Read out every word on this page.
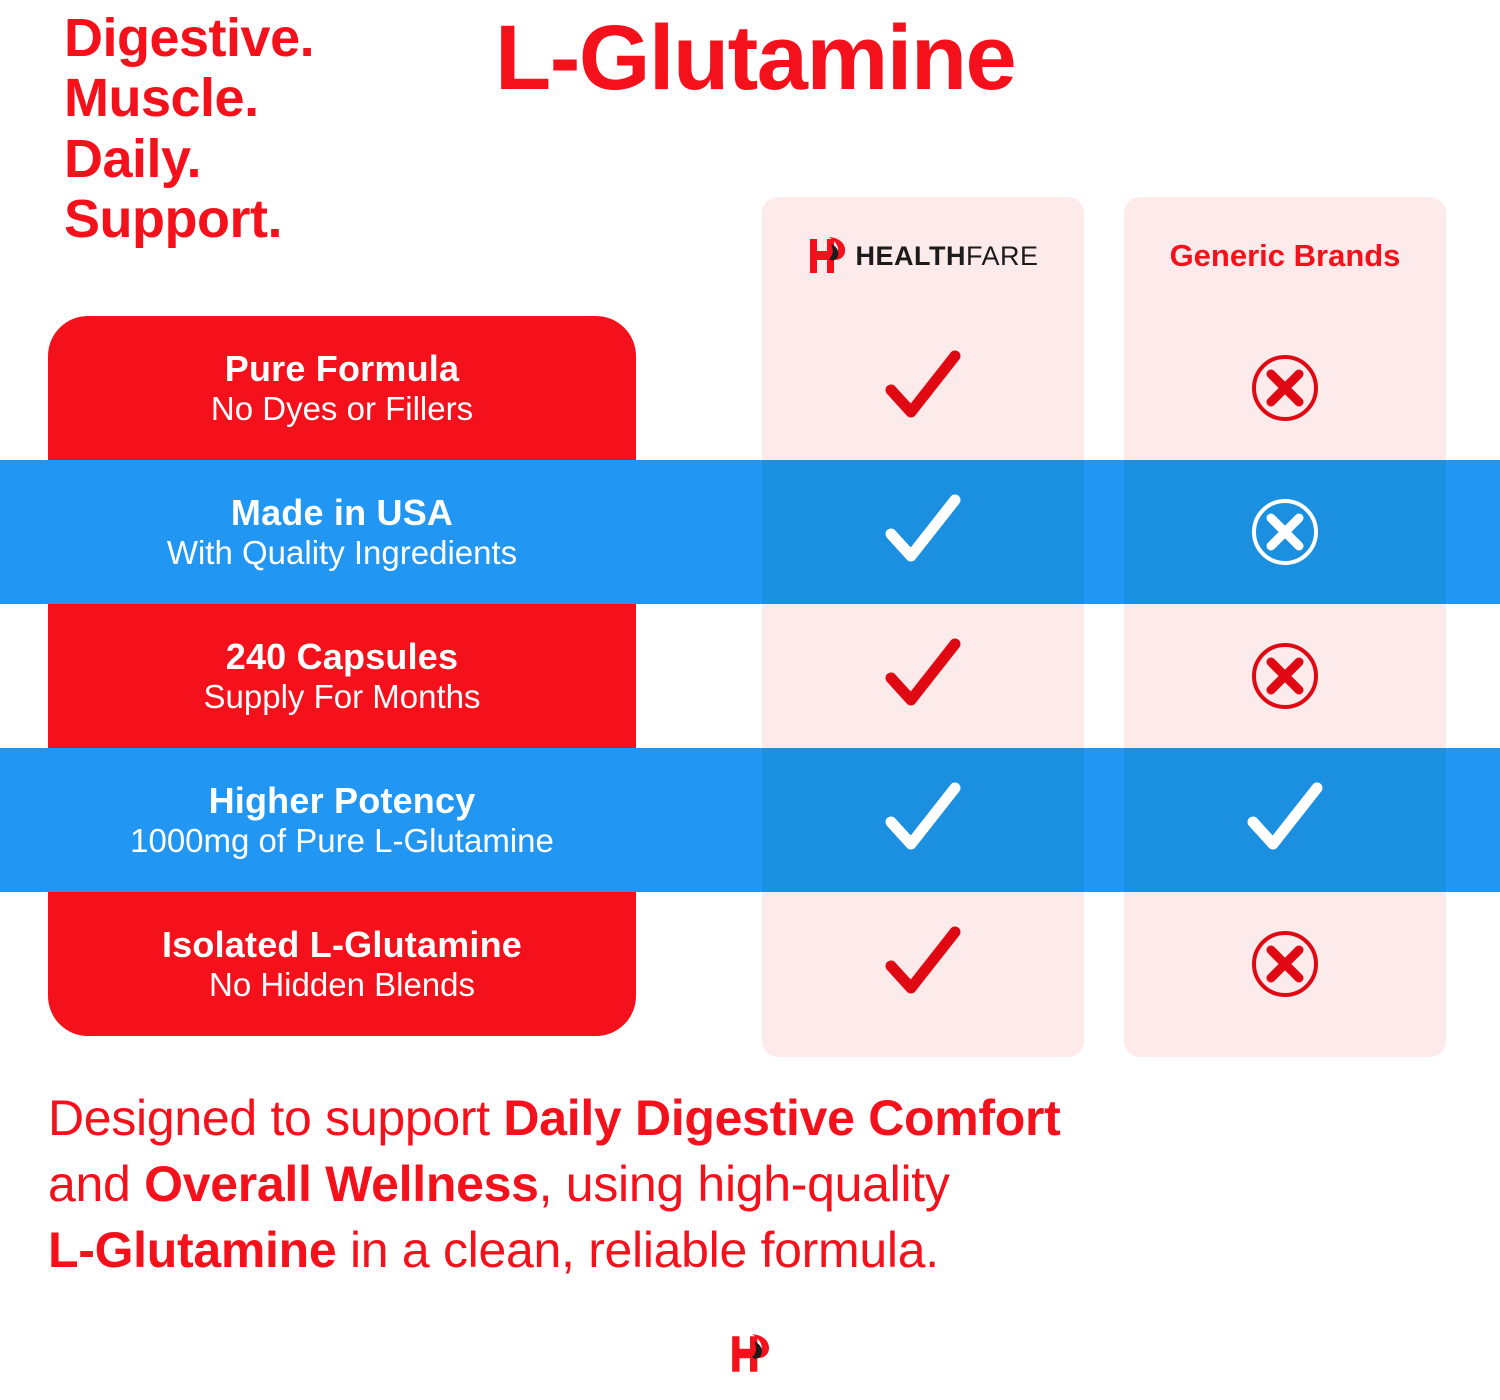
Digestive.
Muscle.
Daily.
Support.
L-Glutamine
HEALTHFARE	Generic Brands
Pure Formula
No Dyes or Fillers
Made in USA
With Quality Ingredients
240 Capsules
Supply For Months
Higher Potency
1000mg of Pure L-Glutamine
Isolated L-Glutamine
No Hidden Blends
Designed to support Daily Digestive Comfort
and Overall Wellness, using high-quality
L-Glutamine in a clean, reliable formula.
